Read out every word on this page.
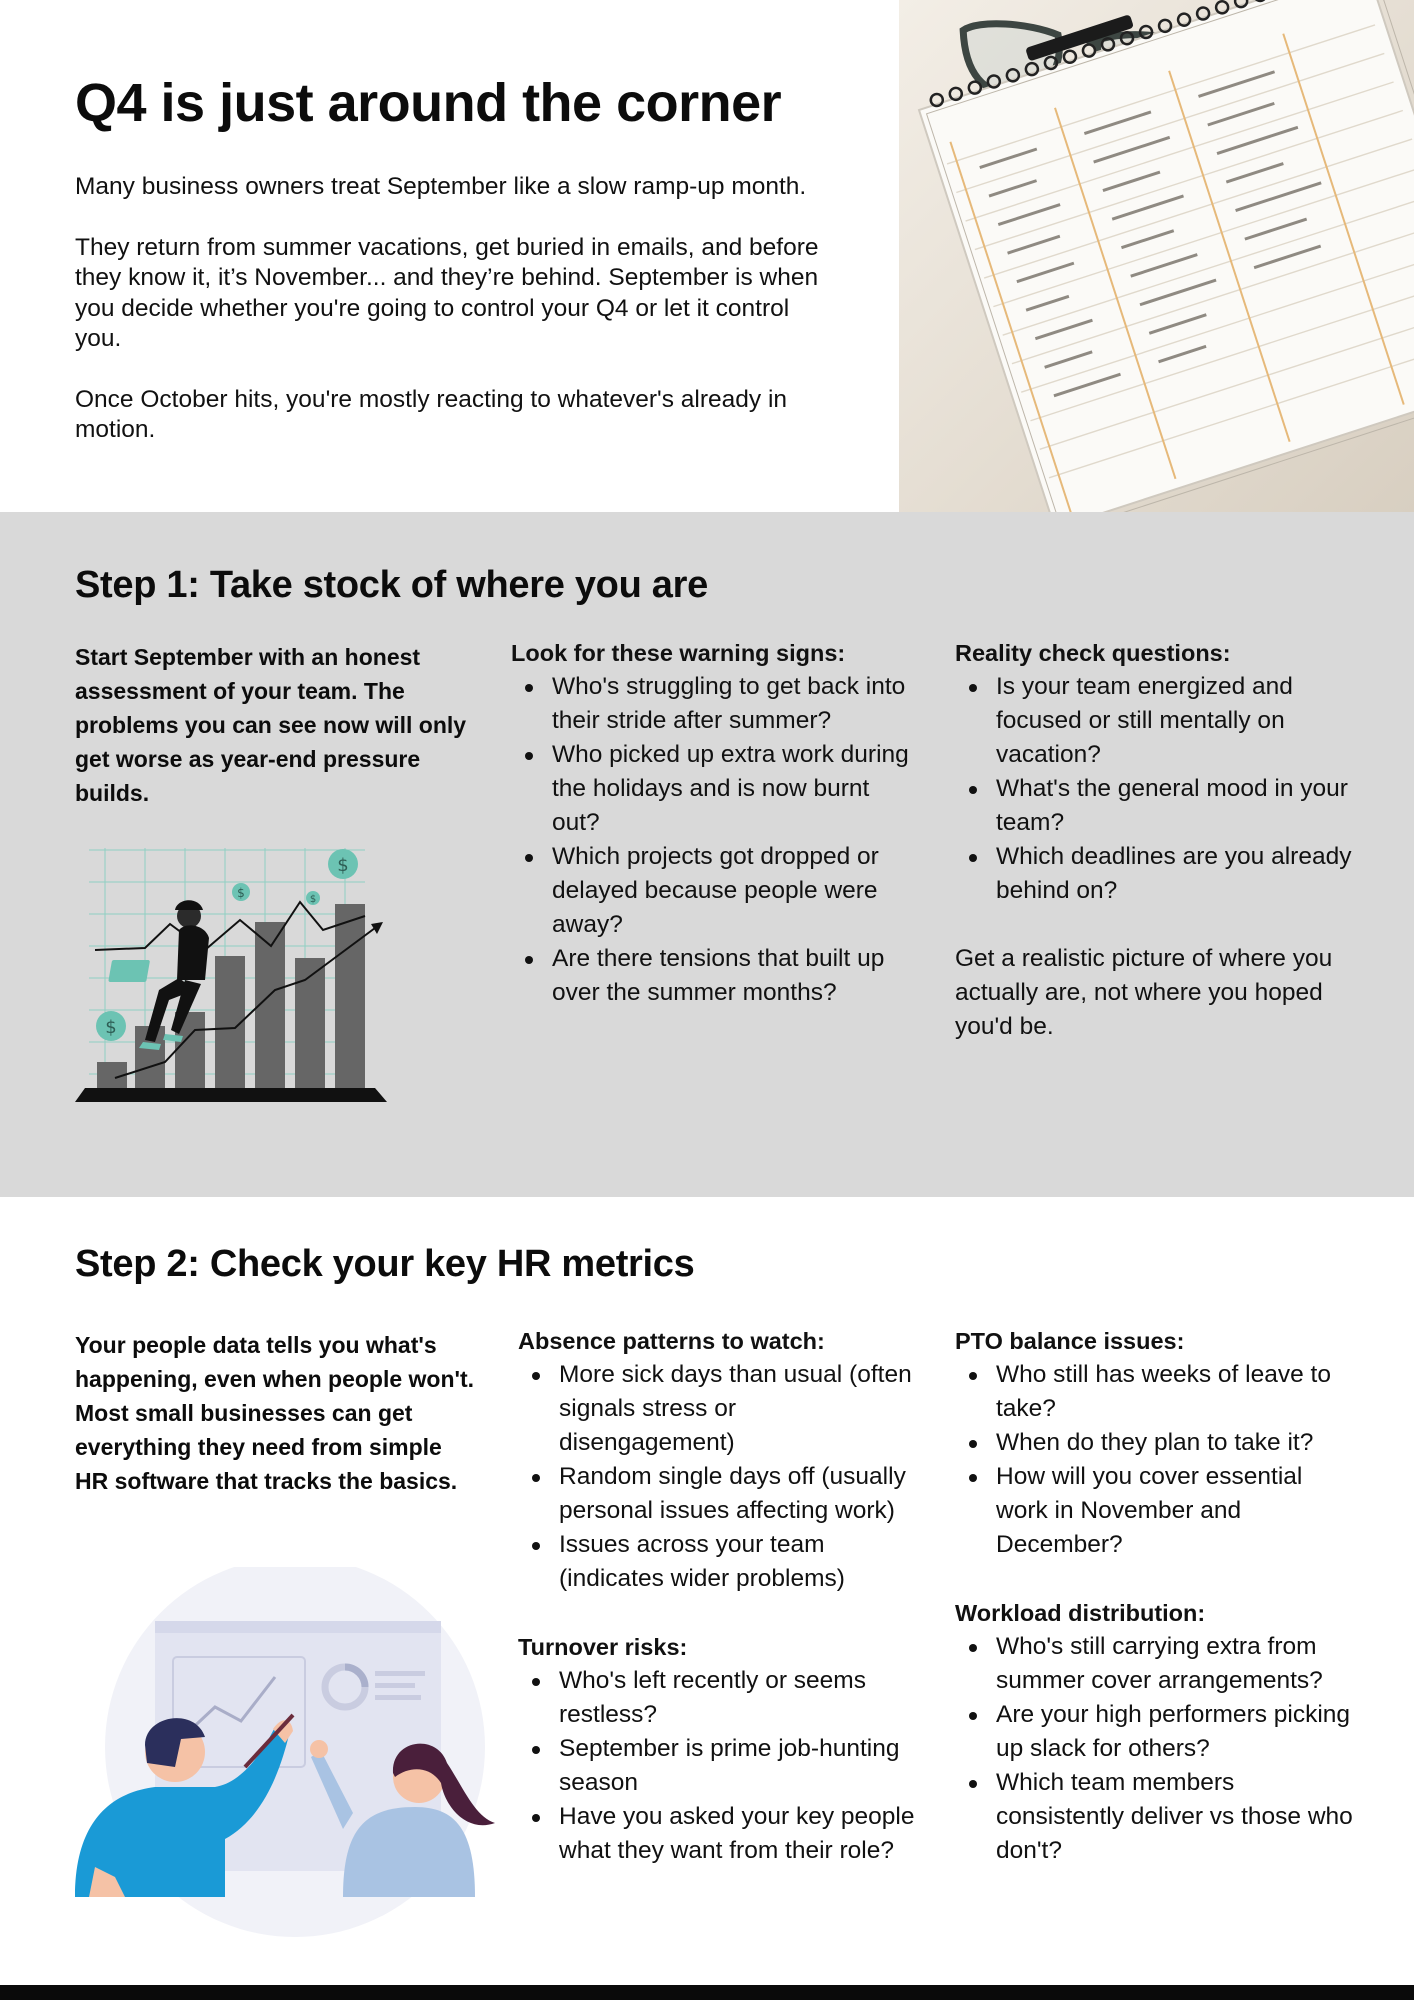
Q4 is just around the corner

Many business owners treat September like a slow ramp-up month.

They return from summer vacations, get buried in emails, and before they know it, it’s November... and they’re behind. September is when you decide whether you're going to control your Q4 or let it control you.

Once October hits, you're mostly reacting to whatever's already in motion.

Step 1: Take stock of where you are

Start September with an honest assessment of your team. The problems you can see now will only get worse as year-end pressure builds.

$
$	$
$
Look for these warning signs:
Who's struggling to get back into their stride after summer?
Who picked up extra work during the holidays and is now burnt out?
Which projects got dropped or delayed because people were away?
Are there tensions that built up over the summer months?
Reality check questions:
Is your team energized and focused or still mentally on vacation?
What's the general mood in your team?
Which deadlines are you already behind on?

Get a realistic picture of where you actually are, not where you hoped you'd be.

Step 2: Check your key HR metrics

Your people data tells you what's happening, even when people won't. Most small businesses can get everything they need from simple HR software that tracks the basics.

Absence patterns to watch:
More sick days than usual (often signals stress or disengagement)
Random single days off (usually personal issues affecting work)
Issues across your team (indicates wider problems)
Turnover risks:
Who's left recently or seems restless?
September is prime job-hunting season
Have you asked your key people what they want from their role?
PTO balance issues:
Who still has weeks of leave to take?
When do they plan to take it?
How will you cover essential work in November and December?
Workload distribution:
Who's still carrying extra from summer cover arrangements?
Are your high performers picking up slack for others?
Which team members consistently deliver vs those who don't?
